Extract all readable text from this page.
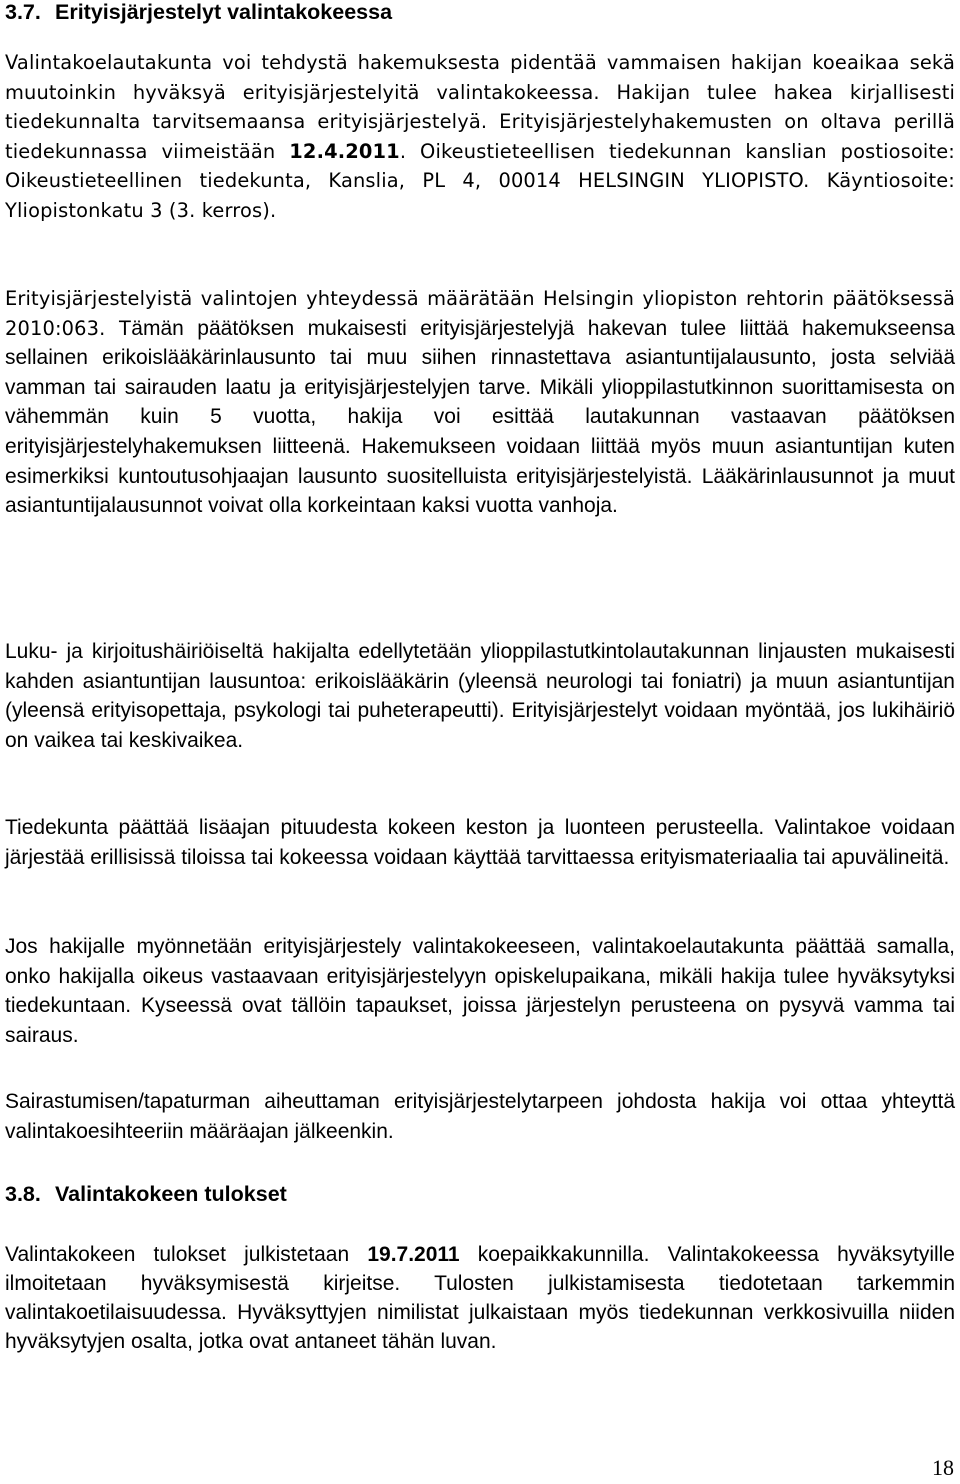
3.7. Erityisjärjestelyt valintakokeessa

Valintakoelautakunta voi tehdystä hakemuksesta pidentää vammaisen hakijan koeaikaa sekä muutoinkin hyväksyä erityisjärjestelyitä valintakokeessa. Hakijan tulee hakea kirjallisesti tiedekunnalta tarvitsemaansa erityisjärjestelyä. Erityisjärjestelyhakemusten on oltava perillä tiedekunnassa viimeistään 12.4.2011. Oikeustieteellisen tiedekunnan kanslian postiosoite: Oikeustieteellinen tiedekunta, Kanslia, PL 4, 00014 HELSINGIN YLIOPISTO. Käyntiosoite: Yliopistonkatu 3 (3. kerros).

Erityisjärjestelyistä valintojen yhteydessä määrätään Helsingin yliopiston rehtorin päätöksessä 2010:063. Tämän päätöksen mukaisesti erityisjärjestelyjä hakevan tulee liittää hakemukseensa sellainen erikoislääkärinlausunto tai muu siihen rinnastettava asiantuntijalausunto, josta selviää vamman tai sairauden laatu ja erityisjärjestelyjen tarve. Mikäli ylioppilastutkinnon suorittamisesta on vähemmän kuin 5 vuotta, hakija voi esittää lautakunnan vastaavan päätöksen erityisjärjestelyhakemuksen liitteenä. Hakemukseen voidaan liittää myös muun asiantuntijan kuten esimerkiksi kuntoutusohjaajan lausunto suositelluista erityisjärjestelyistä. Lääkärinlausunnot ja muut asiantuntijalausunnot voivat olla korkeintaan kaksi vuotta vanhoja.

Luku- ja kirjoitushäiriöiseltä hakijalta edellytetään ylioppilastutkintolautakunnan linjausten mukaisesti kahden asiantuntijan lausuntoa: erikoislääkärin (yleensä neurologi tai foniatri) ja muun asiantuntijan (yleensä erityisopettaja, psykologi tai puheterapeutti). Erityisjärjestelyt voidaan myöntää, jos lukihäiriö on vaikea tai keskivaikea.

Tiedekunta päättää lisäajan pituudesta kokeen keston ja luonteen perusteella. Valintakoe voidaan järjestää erillisissä tiloissa tai kokeessa voidaan käyttää tarvittaessa erityismateriaalia tai apuvälineitä.

Jos hakijalle myönnetään erityisjärjestely valintakokeeseen, valintakoelautakunta päättää samalla, onko hakijalla oikeus vastaavaan erityisjärjestelyyn opiskelupaikana, mikäli hakija tulee hyväksytyksi tiedekuntaan. Kyseessä ovat tällöin tapaukset, joissa järjestelyn perusteena on pysyvä vamma tai sairaus.

Sairastumisen/tapaturman aiheuttaman erityisjärjestelytarpeen johdosta hakija voi ottaa yhteyttä valintakoesihteeriin määräajan jälkeenkin.

3.8. Valintakokeen tulokset

Valintakokeen tulokset julkistetaan 19.7.2011 koepaikkakunnilla. Valintakokeessa hyväksytyille ilmoitetaan hyväksymisestä kirjeitse. Tulosten julkistamisesta tiedotetaan tarkemmin valintakoetilaisuudessa. Hyväksyttyjen nimilistat julkaistaan myös tiedekunnan verkkosivuilla niiden hyväksytyjen osalta, jotka ovat antaneet tähän luvan.

18
